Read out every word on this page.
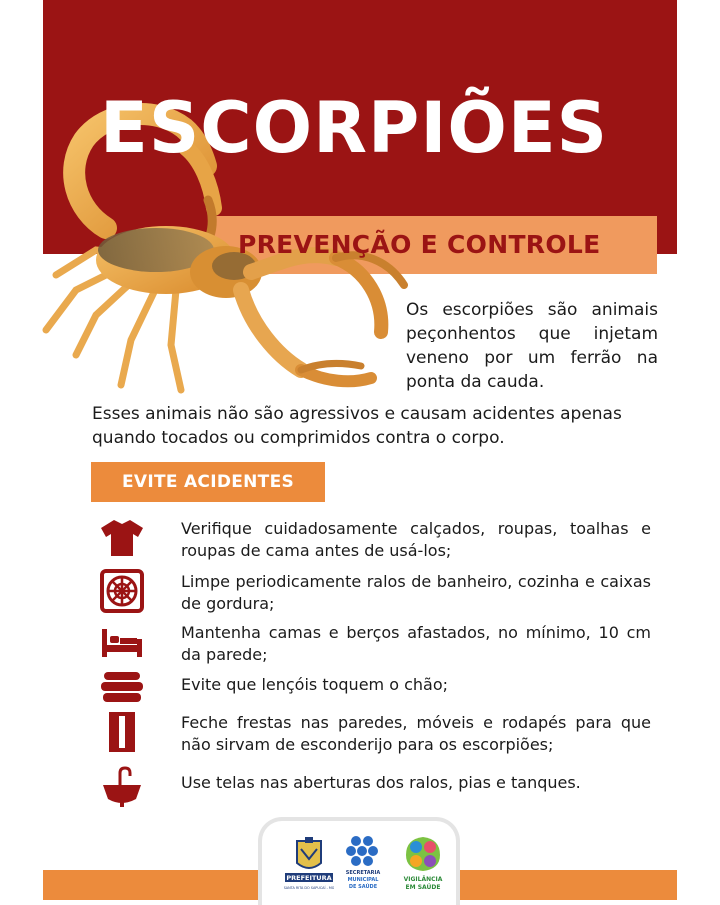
ESCORPIÕES
PREVENÇÃO E CONTROLE

Os escorpiões são animais peçonhentos que injetam veneno por um ferrão na ponta da cauda.

Esses animais não são agressivos e causam acidentes apenas quando tocados ou comprimidos contra o corpo.

EVITE ACIDENTES

Verifique cuidadosamente calçados, roupas, toalhas e roupas de cama antes de usá-los;

Limpe periodicamente ralos de banheiro, cozinha e caixas de gordura;

Mantenha camas e berços afastados, no mínimo, 10 cm da parede;

Evite que lençóis toquem o chão;

Feche frestas nas paredes, móveis e rodapés para que não sirvam de esconderijo para os escorpiões;

Use telas nas aberturas dos ralos, pias e tanques.

PREFEITURA
SANTA RITA DO SAPUCAÍ - MG
SECRETARIA
MUNICIPAL
DE SAÚDE
VIGILÂNCIA
EM SAÚDE
